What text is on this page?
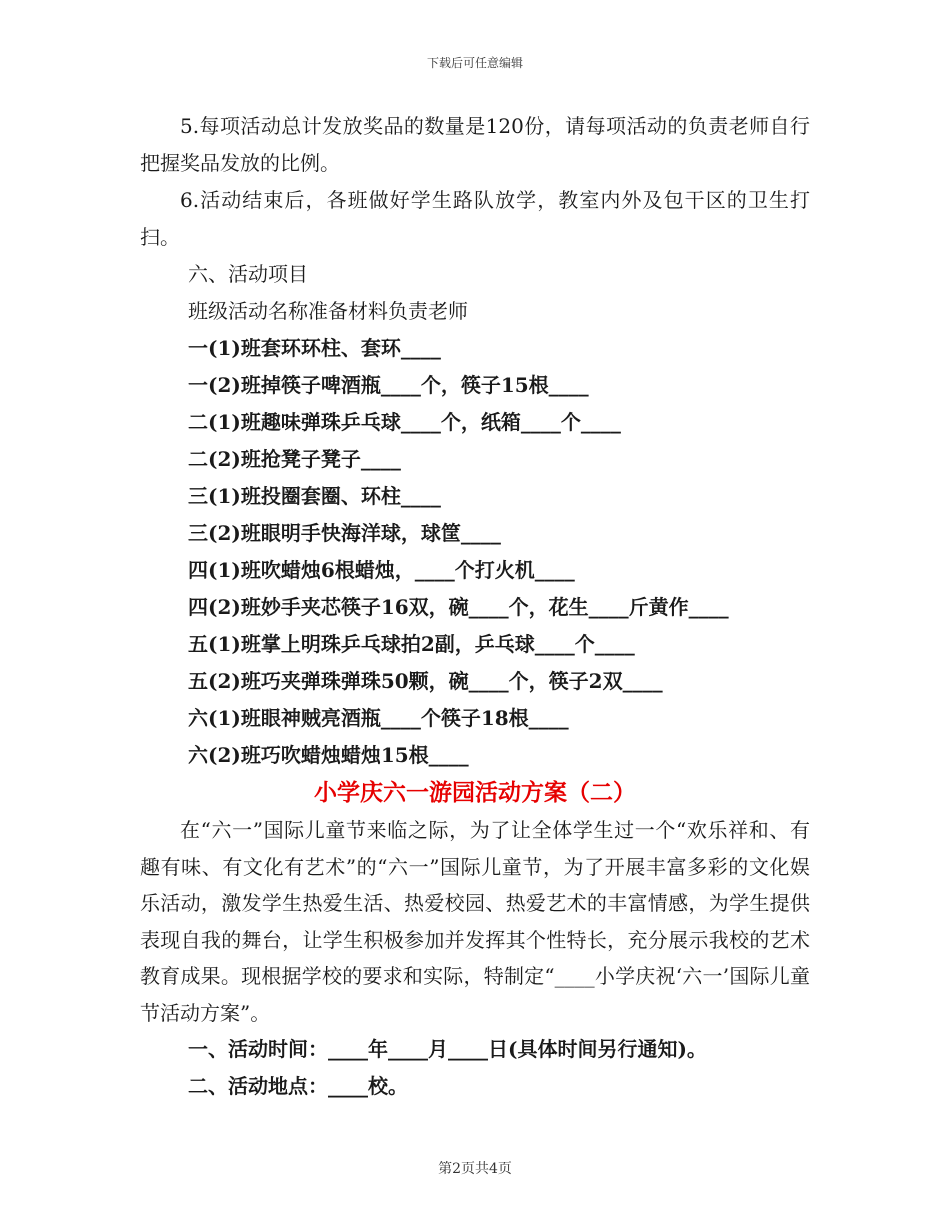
下载后可任意编辑

5.每项活动总计发放奖品的数量是120份，请每项活动的负责老师自行把握奖品发放的比例。

6.活动结束后，各班做好学生路队放学，教室内外及包干区的卫生打扫。

六、活动项目

班级活动名称准备材料负责老师

一(1)班套环环柱、套环____

一(2)班掉筷子啤酒瓶____个，筷子15根____

二(1)班趣味弹珠乒乓球____个，纸箱____个____

二(2)班抢凳子凳子____

三(1)班投圈套圈、环柱____

三(2)班眼明手快海洋球，球筐____

四(1)班吹蜡烛6根蜡烛，____个打火机____

四(2)班妙手夹芯筷子16双，碗____个，花生____斤黄作____

五(1)班掌上明珠乒乓球拍2副，乒乓球____个____

五(2)班巧夹弹珠弹珠50颗，碗____个，筷子2双____

六(1)班眼神贼亮酒瓶____个筷子18根____

六(2)班巧吹蜡烛蜡烛15根____

小学庆六一游园活动方案（二）

在“六一”国际儿童节来临之际，为了让全体学生过一个“欢乐祥和、有趣有味、有文化有艺术”的“六一”国际儿童节，为了开展丰富多彩的文化娱乐活动，激发学生热爱生活、热爱校园、热爱艺术的丰富情感，为学生提供表现自我的舞台，让学生积极参加并发挥其个性特长，充分展示我校的艺术教育成果。现根据学校的要求和实际，特制定“____小学庆祝‘六一’国际儿童节活动方案”。

一、活动时间：____年____月____日(具体时间另行通知)。

二、活动地点：____校。

第2页共4页
